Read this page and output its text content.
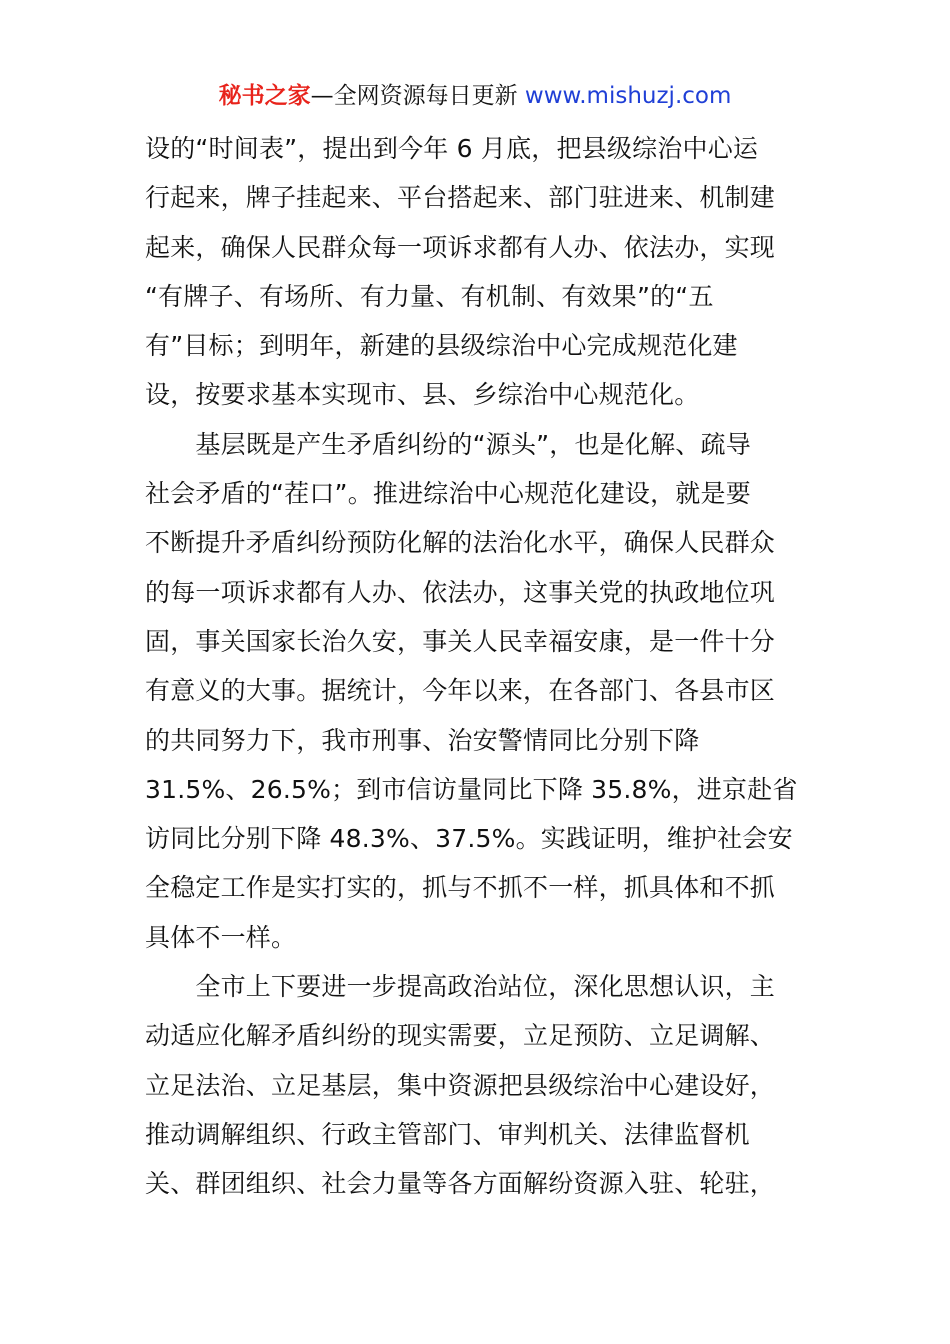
秘书之家—全网资源每日更新 www.mishuzj.com
设的“时间表”，提出到今年 6 月底，把县级综治中心运
行起来，牌子挂起来、平台搭起来、部门驻进来、机制建
起来，确保人民群众每一项诉求都有人办、依法办，实现
“有牌子、有场所、有力量、有机制、有效果”的“五
有”目标；到明年，新建的县级综治中心完成规范化建
设，按要求基本实现市、县、乡综治中心规范化。
　　基层既是产生矛盾纠纷的“源头”，也是化解、疏导
社会矛盾的“茬口”。推进综治中心规范化建设，就是要
不断提升矛盾纠纷预防化解的法治化水平，确保人民群众
的每一项诉求都有人办、依法办，这事关党的执政地位巩
固，事关国家长治久安，事关人民幸福安康，是一件十分
有意义的大事。据统计，今年以来，在各部门、各县市区
的共同努力下，我市刑事、治安警情同比分别下降
31.5%、26.5%；到市信访量同比下降 35.8%，进京赴省
访同比分别下降 48.3%、37.5%。实践证明，维护社会安
全稳定工作是实打实的，抓与不抓不一样，抓具体和不抓
具体不一样。
　　全市上下要进一步提高政治站位，深化思想认识，主
动适应化解矛盾纠纷的现实需要，立足预防、立足调解、
立足法治、立足基层，集中资源把县级综治中心建设好，
推动调解组织、行政主管部门、审判机关、法律监督机
关、群团组织、社会力量等各方面解纷资源入驻、轮驻，
